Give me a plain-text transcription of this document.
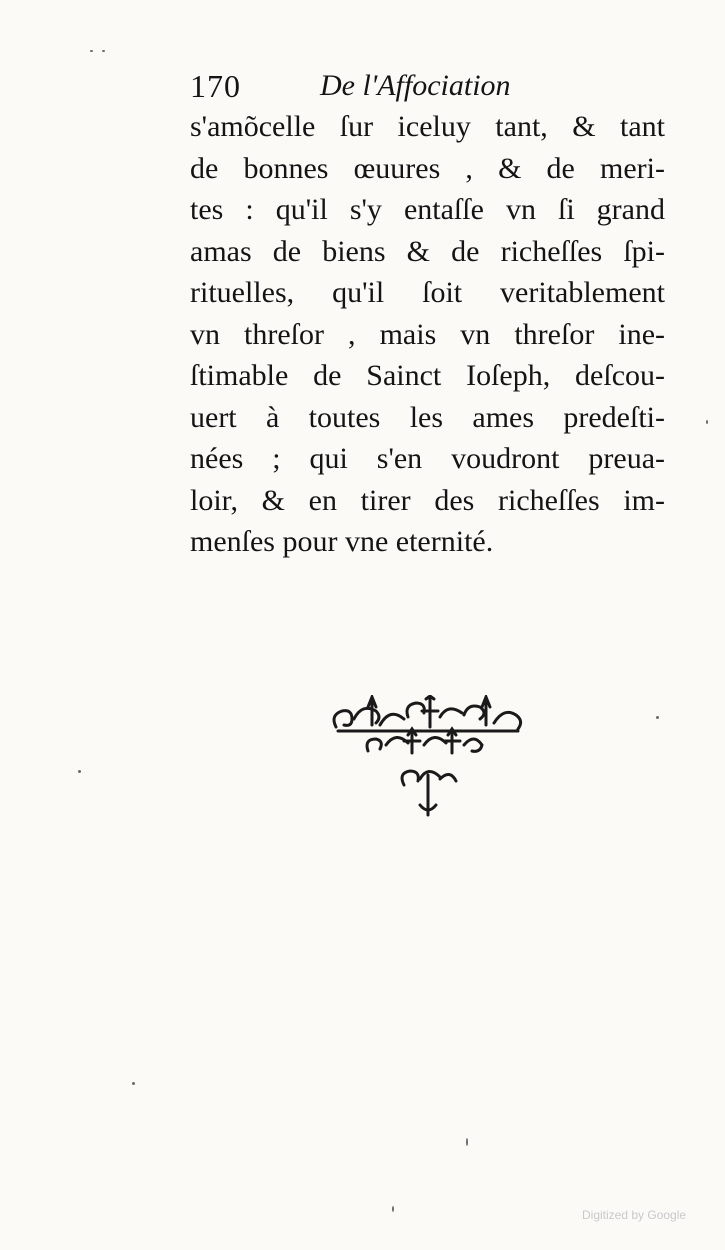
170	De l'Affociation
s'amõcelle ſur iceluy tant, & tant
de bonnes œuures , & de meri-
tes : qu'il s'y entaſſe vn ſi grand
amas de biens & de richeſſes ſpi-
rituelles, qu'il ſoit veritablement
vn threſor , mais vn threſor ine-
ſtimable de Sainct Ioſeph, deſcou-
uert à toutes les ames predeſti-
nées ; qui s'en voudront preua-
loir, & en tirer des richeſſes im-
menſes pour vne eternité.
Digitized by Google
